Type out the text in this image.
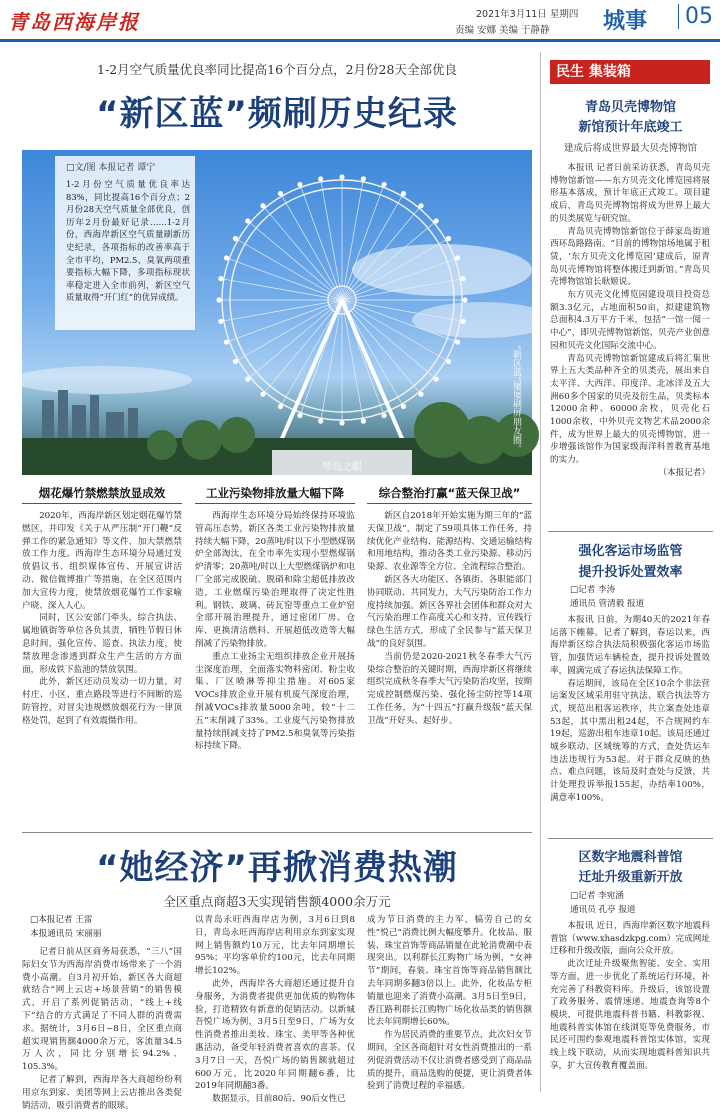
青岛西海岸报	2021年3月11日 星期四
责编 安娜 美编 于静静 城事	05
1-2月空气质量优良率同比提高16个百分点，2月份28天全部优良
“新区蓝”频刷历史纪录
琴岛之眼
□文/图 本报记者 谭宁
1-2月份空气质量优良率达83%，同比提高16个百分点；2月份28天空气质量全部优良，创历年2月份最好记录……1-2月份，西海岸新区空气质量刷新历史纪录，各项指标的改善率高于全市平均，PM2.5、臭氧两项重要指标大幅下降，多项指标现状率稳定进入全市前列，新区空气质量取得“开门红”的优异成绩。
“新区蓝”屡屡刷屏朋友圈。
烟花爆竹禁燃禁放显成效	工业污染物排放量大幅下降	综合整治打赢“蓝天保卫战”

2020年，西海岸新区划定烟花爆竹禁燃区，并印发《关于从严压制“开门鞭”反弹工作的紧急通知》等文件，加大禁燃禁放工作力度。西海岸生态环境分局通过发放倡议书、组织媒体宣传、开展宣讲活动、微信微博推广等措施，在全区范围内加大宣传力度，使禁放烟花爆竹工作家喻户晓、深入人心。

同时，区公安部门牵头，综合执法、属地镇街等单位各负其责，牺牲节假日休息时间，强化宣传、巡查、执法力度，使禁放理念渗透到群众生产生活的方方面面，形成铁下监池的禁放氛围。

此外，新区还动员发动一切力量，对村庄、小区、重点路段等进行不间断的巡防管控，对冒尖违规燃放烟花行为一律顶格处罚，起到了有效震慑作用。

西海岸生态环境分局始终保持环境监管高压态势，新区各类工业污染物排放量持续大幅下降，20蒸吨/时以下小型燃煤锅炉全部淘汰，在全市率先实现小型燃煤锅炉清零；20蒸吨/时以上大型燃煤锅炉和电厂全部完成脱硫、脱硝和除尘超低排放改造，工业燃煤污染治理取得了决定性胜利。钢铁、玻璃、砖瓦窑等重点工业炉窑全部开展治理提升，通过密闭厂房、仓库、更换清洁燃料、开展超低改造等大幅削减了污染物排放。

重点工业扬尘无组织排放企业开展扬尘深度治理，全面落实物料密闭、粉尘收集、厂区喷淋等抑尘措施。对605家VOCs排放企业开展有机废气深度治理，削减VOCs排放量5000余吨，较“十二五”末削减了33%。工业废气污染物排放量持续削减支持了PM2.5和臭氧等污染指标持续下降。

新区自2018年开始实施为期三年的“蓝天保卫战”，制定了59项具体工作任务，持续优化产业结构、能源结构、交通运输结构和用地结构，推动各类工业污染源、移动污染源、农业源等全方位、全流程综合整治。

新区各大功能区、各镇街、各职能部门协同联动、共同发力，大气污染防治工作力度持续加强。新区各界社会团体和群众对大气污染治理工作高度关心和支持，宣传践行绿色生活方式，形成了全民参与“蓝天保卫战”的良好氛围。

当前仍是2020-2021秋冬春季大气污染综合整治的关键时期，西海岸新区将继续组织完成秋冬春季大气污染防治攻坚，按期完成控制燃煤污染、强化扬尘防控等14项工作任务，为“十四五”打赢升级版“蓝天保卫战”开好头、起好步。

“她经济”再掀消费热潮
全区重点商超3天实现销售额4000余万元
□本报记者 王雷
本报通讯员 宋丽丽

记者日前从区商务局获悉，“三八”国际妇女节为西海岸消费市场带来了一个消费小高潮。自3月初开始，新区各大商超就结合“网上云店+场景营销”的销售模式，开启了系列促销活动，“线上+线下”结合的方式满足了不同人群的消费需求。据统计，3月6日~8日，全区重点商超实现销售额4000余万元，客流量34.5万人次，同比分别增长94.2%、105.3%。

记者了解到，西海岸各大商超纷纷利用京东到家、美团等网上云店推出各类促销活动，吸引消费者的眼球。

以青岛永旺西海岸店为例，3月6日到8日，青岛永旺西海岸店利用京东到家实现网上销售额约10万元，比去年同期增长95%；平均客单价约100元，比去年同期增长102%。

此外，西海岸各大商超还通过提升自身服务，为消费者提供更加优质的购物体验，打造精致有新意的促销活动。以新城吾悦广场为例，3月5日至9日，广场为女性消费者推出美妆、珠宝、美甲等各种优惠活动，备受年轻消费者喜欢的喜茶。仅3月7日一天，吾悦广场的销售额就超过600万元，比2020年同期翻6番，比2019年同期翻3番。

数据显示，目前80后、90后女性已

成为节日消费的主力军，犒劳自己的女性“悦己”消费比例大幅度攀升。化妆品、服装、珠宝首饰等商品销量在此轮消费潮中表现突出。以利群长江购物广场为例，“女神节”期间，春装、珠宝首饰等商品销售额比去年同期多翻3倍以上。此外，化妆品专柜销量也迎来了消费小高潮。3月5日至9日，香江路利群长江购物广场化妆品类的销售额比去年同期增长60%。

作为居民消费的重要节点，此次妇女节期间，全区各商超针对女性消费推出的一系列促消费活动不仅让消费者感受到了商品品质的提升，商品选购的便捷，更让消费者体验到了消费过程的幸福感。

民生 集装箱
青岛贝壳博物馆
新馆预计年底竣工
建成后将成世界最大贝壳博物馆

本报讯 记者日前采访获悉，青岛贝壳博物馆新馆——东方贝壳文化博览园将展形基本落成，预计年底正式竣工。项目建成后，青岛贝壳博物馆将成为世界上最大的贝类展览与研究馆。

青岛贝壳博物馆新馆位于薛家岛街道西环岛路路南。“目前的博物馆场地属于租赁，‘东方贝壳文化博览园’建成后，原青岛贝壳博物馆将整体搬迁到新馆。”青岛贝壳博物馆馆长耿姬说。

东方贝壳文化博览园建设项目投资总额3.3亿元，占地面积50亩，拟建建筑物总面积4.3万平方千米，包括“一馆一阅一中心”，即贝壳博物馆新馆、贝壳产业创意园和贝壳文化国际交流中心。

青岛贝壳博物馆新馆建成后将汇集世界上五大类品种齐全的贝类壳，展出来自太平洋、大西洋、印度洋、北冰洋及五大洲60多个国家的贝壳及衍生品，贝类标本12000余种、60000余枚，贝壳化石1000余枚，中外贝壳文物艺术品2000余件，成为世界上最大的贝壳博物馆，进一步增强该馆作为国家级海洋科普教育基地的实力。

（本报记者）

强化客运市场监管
提升投诉处置效率
□记者 李涛
通讯员 管清毅 报道

本报讯 日前，为期40天的2021年春运落下帷幕。记者了解到，春运以来，西海岸新区综合执法局积极强化客运市场监管，加强货运车辆检查，提升投诉处置效率，圆满完成了春运执法保障工作。

春运期间，该局在全区10余个非法营运案发区域采用驻守执法、联合执法等方式，规范出租客运秩序，共立案查处违章53起，其中黑出租24起，不合规网约车19起，巡游出租车违章10起。该局还通过城乡联动、区域统筹的方式，查处货运车违法违规行为53起。对于群众反映的热点、难点问题，该局及时查处与反馈，共计处理投诉举报155起，办结率100%，满意率100%。

区数字地震科普馆
迁址升级重新开放
□记者 李宛涵
通讯员 孔亭 报道

本报讯 近日，西海岸新区数字地震科普馆（www.xhasdzkpg.com）完成网址迁移和升级改版，面向公众开放。

此次迁址升级聚焦智能、安全、实用等方面，进一步优化了系统运行环境，补充完善了科教资料库。升级后，该馆设置了政务服务、震情速递、地震查询等8个模块，可提供地震科普书籍、科教影视、地震科普实体馆在线浏览等免费服务，市民还可围约参观地震科普馆实体馆，实现线上线下联动，从而实现地震科普知识共享，扩大宣传教育覆盖面。
